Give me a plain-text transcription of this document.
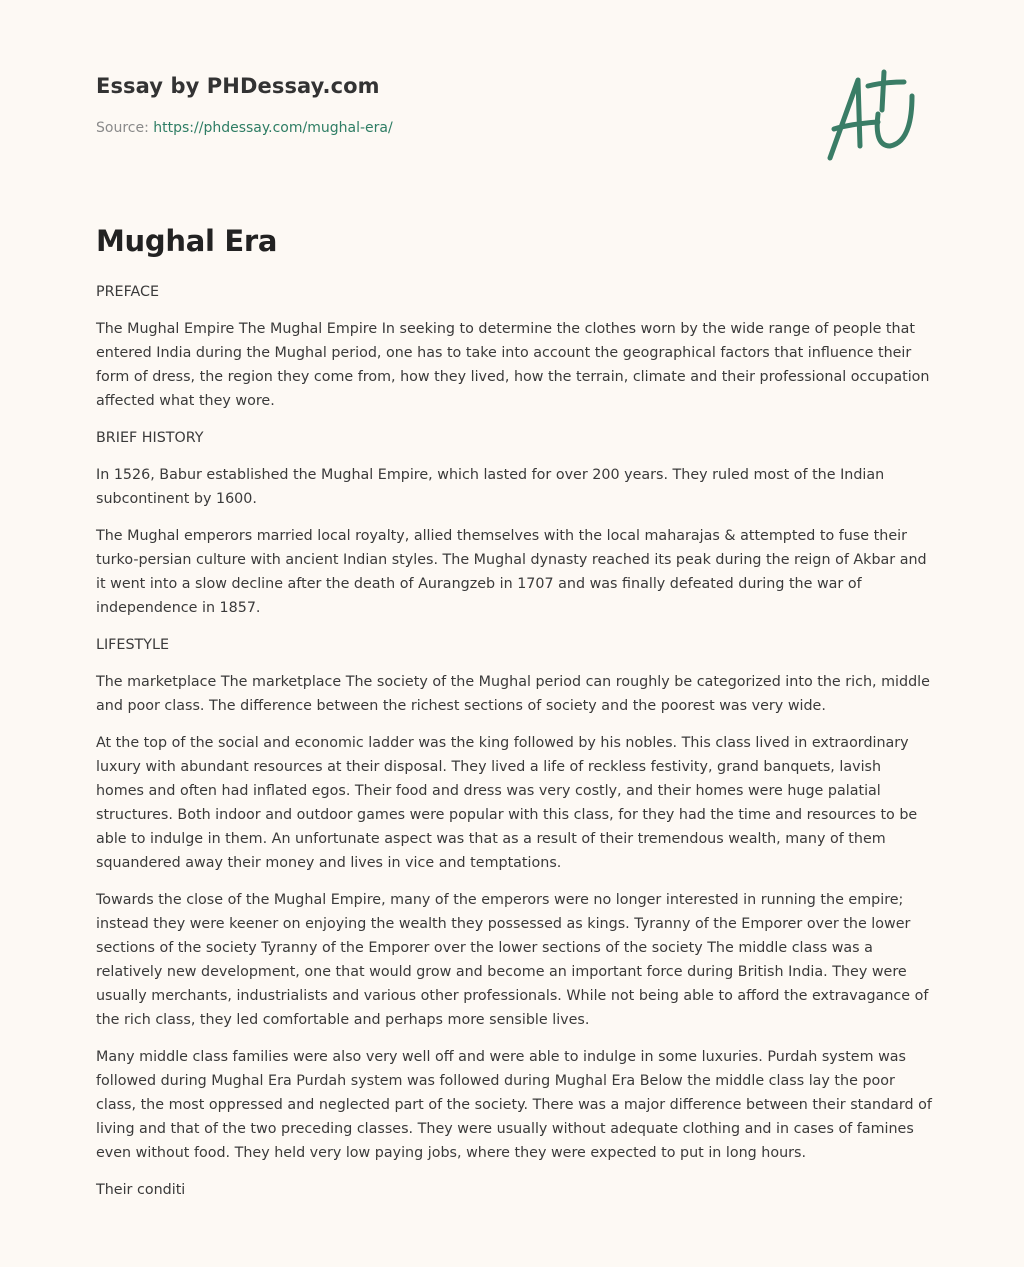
Essay by PHDessay.com
Source: https://phdessay.com/mughal-era/
Mughal Era

PREFACE

The Mughal Empire The Mughal Empire In seeking to determine the clothes worn by the wide range of people that entered India during the Mughal period, one has to take into account the geographical factors that influence their form of dress, the region they come from, how they lived, how the terrain, climate and their professional occupation affected what they wore.

BRIEF HISTORY

In 1526, Babur established the Mughal Empire, which lasted for over 200 years. They ruled most of the Indian subcontinent by 1600.

The Mughal emperors married local royalty, allied themselves with the local maharajas & attempted to fuse their turko-persian culture with ancient Indian styles. The Mughal dynasty reached its peak during the reign of Akbar and it went into a slow decline after the death of Aurangzeb in 1707 and was finally defeated during the war of independence in 1857.

LIFESTYLE

The marketplace The marketplace The society of the Mughal period can roughly be categorized into the rich, middle and poor class. The difference between the richest sections of society and the poorest was very wide.

At the top of the social and economic ladder was the king followed by his nobles. This class lived in extraordinary luxury with abundant resources at their disposal. They lived a life of reckless festivity, grand banquets, lavish homes and often had inflated egos. Their food and dress was very costly, and their homes were huge palatial structures. Both indoor and outdoor games were popular with this class, for they had the time and resources to be able to indulge in them. An unfortunate aspect was that as a result of their tremendous wealth, many of them squandered away their money and lives in vice and temptations.

Towards the close of the Mughal Empire, many of the emperors were no longer interested in running the empire; instead they were keener on enjoying the wealth they possessed as kings. Tyranny of the Emporer over the lower sections of the society Tyranny of the Emporer over the lower sections of the society The middle class was a relatively new development, one that would grow and become an important force during British India. They were usually merchants, industrialists and various other professionals. While not being able to afford the extravagance of the rich class, they led comfortable and perhaps more sensible lives.

Many middle class families were also very well off and were able to indulge in some luxuries. Purdah system was followed during Mughal Era Purdah system was followed during Mughal Era Below the middle class lay the poor class, the most oppressed and neglected part of the society. There was a major difference between their standard of living and that of the two preceding classes. They were usually without adequate clothing and in cases of famines even without food. They held very low paying jobs, where they were expected to put in long hours.

Their conditi
